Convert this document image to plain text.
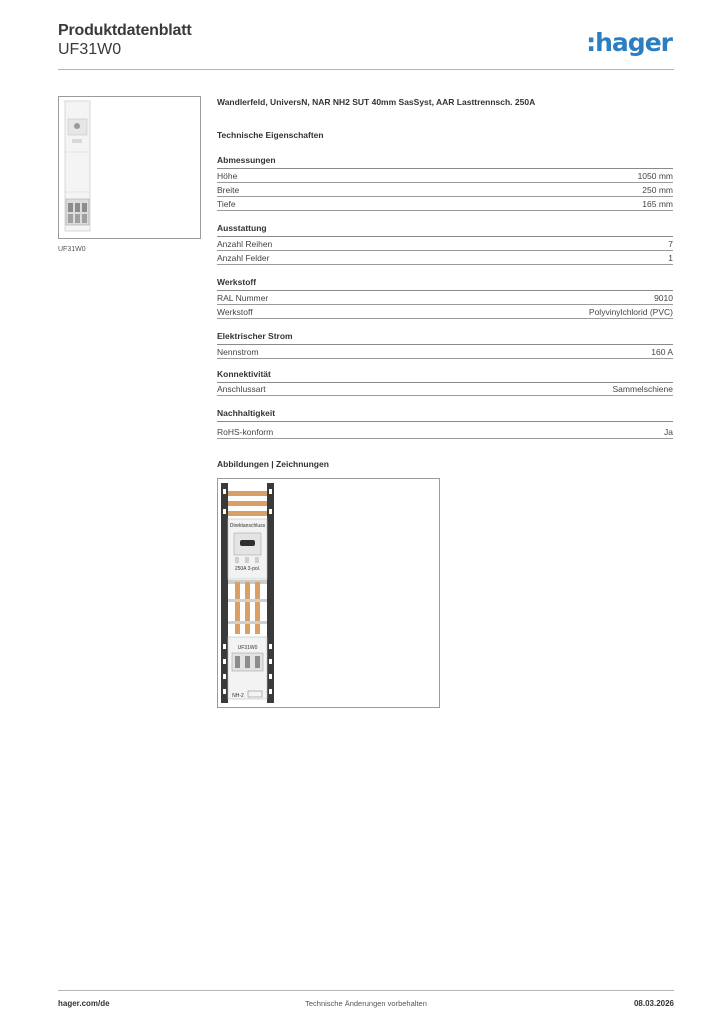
Produktdatenblatt
UF31W0	:hager
UF31W0
Wandlerfeld, UniversN, NAR NH2 SUT 40mm SasSyst, AAR Lasttrennsch. 250A
Technische Eigenschaften
Abmessungen
Höhe	1050 mm
Breite	250 mm
Tiefe	165 mm
Ausstattung
Anzahl Reihen	7
Anzahl Felder	1
Werkstoff
RAL Nummer	9010
Werkstoff	Polyvinylchlorid (PVC)
Elektrischer Strom
Nennstrom	160 A
Konnektivität
Anschlussart	Sammelschiene
Nachhaltigkeit
RoHS-konform	Ja
Abbildungen | Zeichnungen
Direktanschluss
250A 3-pol.
UF31W0
NH-2
hager.com/de	Technische Änderungen vorbehalten	08.03.2026
